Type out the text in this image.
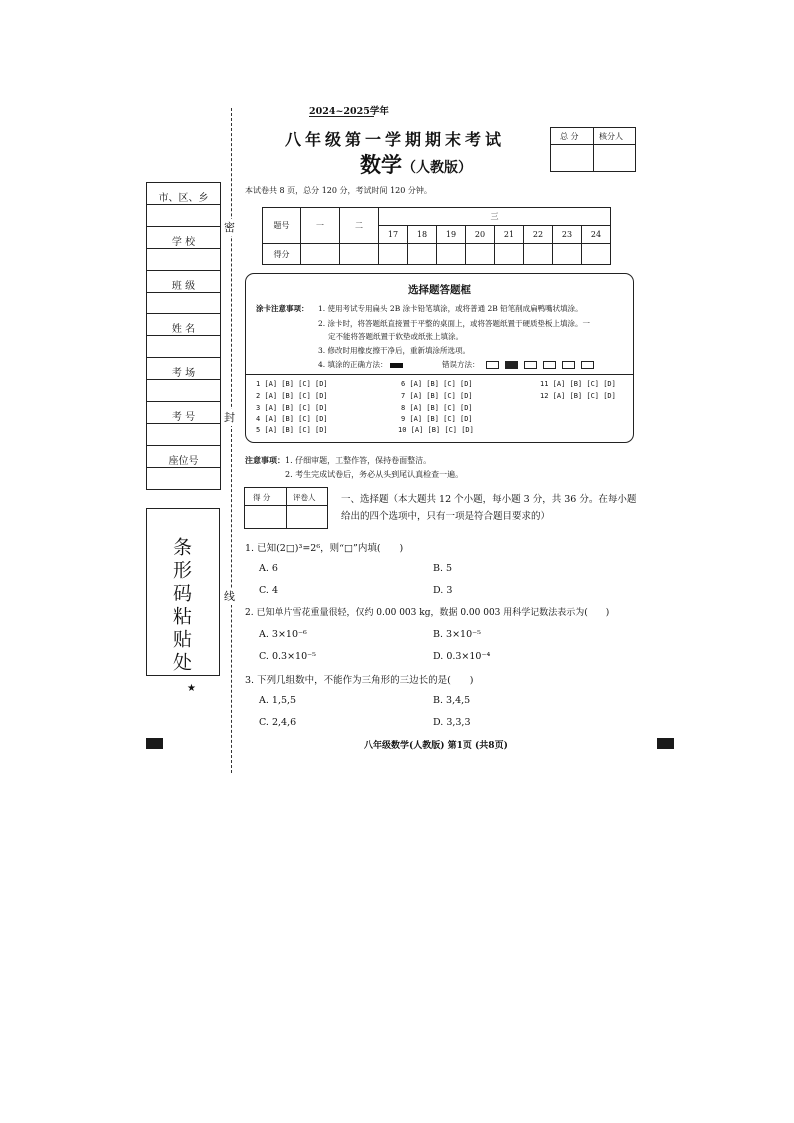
密
封
线
市、区、乡
学 校
班 级
姓 名
考 场
考 号
座位号
条形码粘贴处
★
2024~2025学年
八年级第一学期期末考试
数学（人教版）
总 分	核分人
本试卷共 8 页，总分 120 分，考试时间 120 分钟。
题号	一	二	三							
			17	18	19	20	21	22	23	24
得分										
选择题答题框
涂卡注意事项： 1. 使用考试专用扁头 2B 涂卡铅笔填涂，或将普通 2B 铅笔削成扁鸭嘴状填涂。
2. 涂卡时，将答题纸直接置于平整的桌面上，或将答题纸置于硬质垫板上填涂。一
定不能将答题纸置于软垫或纸张上填涂。
3. 修改时用橡皮擦干净后，重新填涂所选项。
4. 填涂的正确方法：	错误方法：
1 [A] [B] [C] [D]
2 [A] [B] [C] [D]
3 [A] [B] [C] [D]
4 [A] [B] [C] [D]
5 [A] [B] [C] [D]
6 [A] [B] [C] [D]
7 [A] [B] [C] [D]
8 [A] [B] [C] [D]
9 [A] [B] [C] [D]
10 [A] [B] [C] [D]
11 [A] [B] [C] [D]
12 [A] [B] [C] [D]
注意事项：1. 仔细审题，工整作答，保持卷面整洁。
2. 考生完成试卷后，务必从头到尾认真检查一遍。
得 分	评卷人	一、选择题（本大题共 12 个小题，每小题 3 分，共 36 分。在每小题给出的四个选项中，只有一项是符合题目要求的）
1. 已知(2□)³=2⁶，则“□”内填(　　)
A. 6	B. 5
C. 4	D. 3
2. 已知单片雪花重量很轻，仅约 0.00 003 kg，数据 0.00 003 用科学记数法表示为(　　)
A. 3×10⁻⁶	B. 3×10⁻⁵
C. 0.3×10⁻⁵	D. 0.3×10⁻⁴
3. 下列几组数中，不能作为三角形的三边长的是(　　)
A. 1,5,5	B. 3,4,5
C. 2,4,6	D. 3,3,3
八年级数学(人教版) 第1页 (共8页)
